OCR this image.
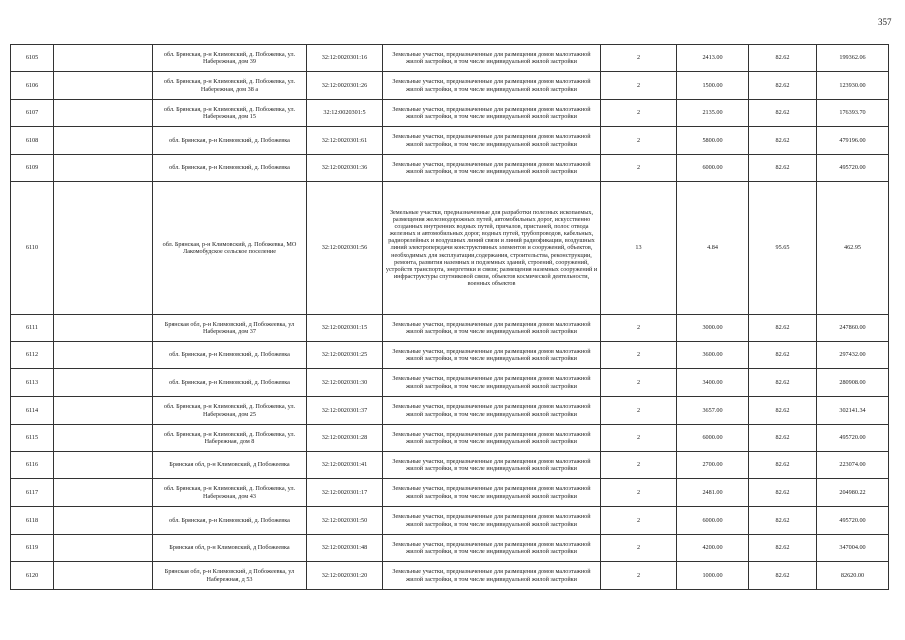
357
6105		обл. Брянская, р-н Климовский, д. Побожевка, ул. Набережная, дом 39	32:12:0020301:16	Земельные участки, предназначенные для размещения домов малоэтажной жилой застройки, в том числе индивидуальной жилой застройки	2	2413.00	82.62	199362.06
6106		обл. Брянская, р-н Климовский, д. Побожевка, ул. Набережная, дом 38 а	32:12:0020301:26	Земельные участки, предназначенные для размещения домов малоэтажной жилой застройки, в том числе индивидуальной жилой застройки	2	1500.00	82.62	123930.00
6107		обл. Брянская, р-н Климовский, д. Побожевка, ул. Набережная, дом 15	32:12:0020301:5	Земельные участки, предназначенные для размещения домов малоэтажной жилой застройки, в том числе индивидуальной жилой застройки	2	2135.00	82.62	176393.70
6108		обл. Брянская, р-н Климовский, д. Побожевка	32:12:0020301:61	Земельные участки, предназначенные для размещения домов малоэтажной жилой застройки, в том числе индивидуальной жилой застройки	2	5800.00	82.62	479196.00
6109		обл. Брянская, р-н Климовский, д. Побожевка	32:12:0020301:36	Земельные участки, предназначенные для размещения домов малоэтажной жилой застройки, в том числе индивидуальной жилой застройки	2	6000.00	82.62	495720.00
6110		обл. Брянская, р-н Климовский, д. Побожевка, МО Лакомобудское сельское поселение	32:12:0020301:56	Земельные участки, предназначенные для разработки полезных ископаемых, размещения железнодорожных путей, автомобильных дорог, искусственно созданных внутренних водных путей, причалов, пристаней, полос отвода железных и автомобильных дорог, водных путей, трубопроводов, кабельных, радиорелейных и воздушных линий связи и линий радиофикации, воздушных линий электропередачи конструктивных элементов и сооружений, объектов, необходимых для эксплуатации,содержания, строительства, реконструкции, ремонта, развития наземных и подземных зданий, строений, сооружений, устройств транспорта, энергетики и связи; размещения наземных сооружений и инфраструктуры спутниковой связи, объектов космической деятельности, военных объектов	13	4.84	95.65	462.95
6111		Брянская обл, р-н Климовский, д Побожеевка, ул Набережная, дом 37	32:12:0020301:15	Земельные участки, предназначенные для размещения домов малоэтажной жилой застройки, в том числе индивидуальной жилой застройки	2	3000.00	82.62	247860.00
6112		обл. Брянская, р-н Климовский, д. Побожевка	32:12:0020301:25	Земельные участки, предназначенные для размещения домов малоэтажной жилой застройки, в том числе индивидуальной жилой застройки	2	3600.00	82.62	297432.00
6113		обл. Брянская, р-н Климовский, д. Побожевка	32:12:0020301:30	Земельные участки, предназначенные для размещения домов малоэтажной жилой застройки, в том числе индивидуальной жилой застройки	2	3400.00	82.62	280908.00
6114		обл. Брянская, р-н Климовский, д. Побожевка, ул. Набережная, дом 25	32:12:0020301:37	Земельные участки, предназначенные для размещения домов малоэтажной жилой застройки, в том числе индивидуальной жилой застройки	2	3657.00	82.62	302141.34
6115		обл. Брянская, р-н Климовский, д. Побожевка, ул. Набережная, дом 8	32:12:0020301:28	Земельные участки, предназначенные для размещения домов малоэтажной жилой застройки, в том числе индивидуальной жилой застройки	2	6000.00	82.62	495720.00
6116		Брянская обл, р-н Климовский, д Побожеевка	32:12:0020301:41	Земельные участки, предназначенные для размещения домов малоэтажной жилой застройки, в том числе индивидуальной жилой застройки	2	2700.00	82.62	223074.00
6117		обл. Брянская, р-н Климовский, д. Побожевка, ул. Набережная, дом 43	32:12:0020301:17	Земельные участки, предназначенные для размещения домов малоэтажной жилой застройки, в том числе индивидуальной жилой застройки	2	2481.00	82.62	204980.22
6118		обл. Брянская, р-н Климовский, д. Побожевка	32:12:0020301:50	Земельные участки, предназначенные для размещения домов малоэтажной жилой застройки, в том числе индивидуальной жилой застройки	2	6000.00	82.62	495720.00
6119		Брянская обл, р-н Климовский, д Побожеевка	32:12:0020301:48	Земельные участки, предназначенные для размещения домов малоэтажной жилой застройки, в том числе индивидуальной жилой застройки	2	4200.00	82.62	347004.00
6120		Брянская обл, р-н Климовский, д Побожеевка, ул Набережная, д 53	32:12:0020301:20	Земельные участки, предназначенные для размещения домов малоэтажной жилой застройки, в том числе индивидуальной жилой застройки	2	1000.00	82.62	82620.00
